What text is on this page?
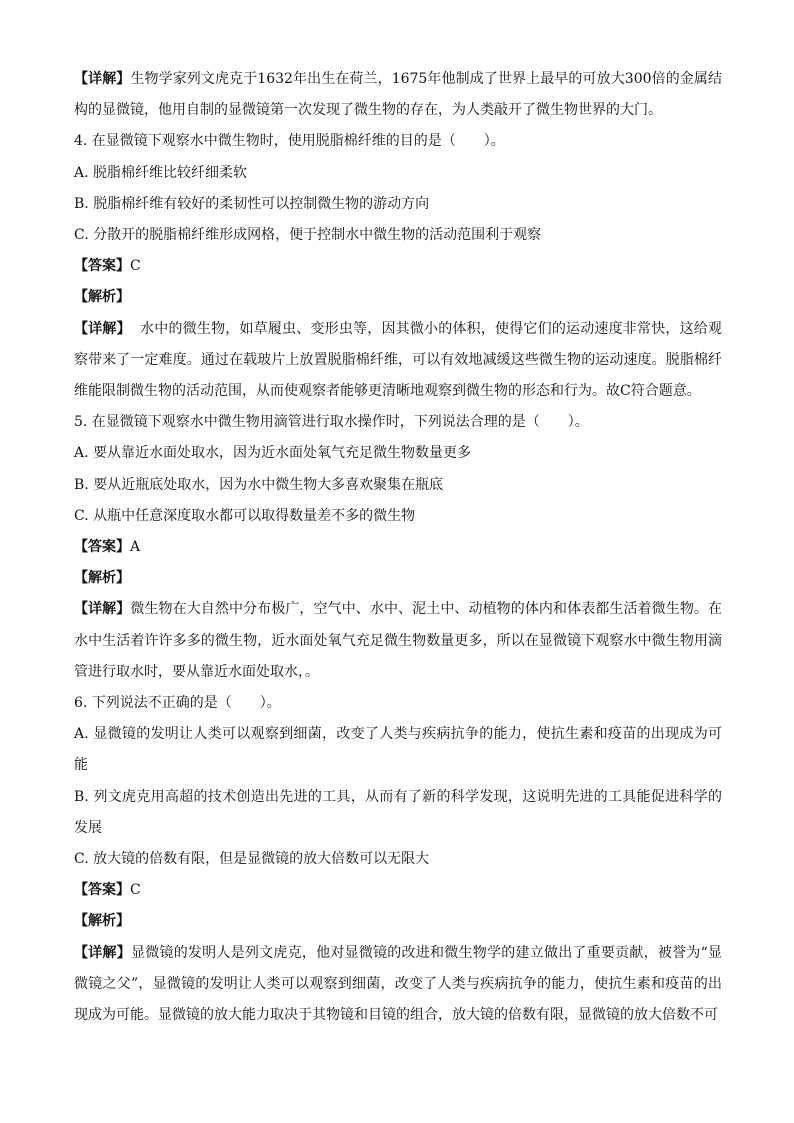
【详解】生物学家列文虎克于1632年出生在荷兰，1675年他制成了世界上最早的可放大300倍的金属结构的显微镜，他用自制的显微镜第一次发现了微生物的存在，为人类敲开了微生物世界的大门。
4. 在显微镜下观察水中微生物时，使用脱脂棉纤维的目的是（　　）。
A. 脱脂棉纤维比较纤细柔软
B. 脱脂棉纤维有较好的柔韧性可以控制微生物的游动方向
C. 分散开的脱脂棉纤维形成网格，便于控制水中微生物的活动范围利于观察
【答案】C
【解析】
【详解】  水中的微生物，如草履虫、变形虫等，因其微小的体积，使得它们的运动速度非常快，这给观察带来了一定难度。通过在载玻片上放置脱脂棉纤维，可以有效地减缓这些微生物的运动速度。脱脂棉纤维能限制微生物的活动范围，从而使观察者能够更清晰地观察到微生物的形态和行为。故C符合题意。
5. 在显微镜下观察水中微生物用滴管进行取水操作时，下列说法合理的是（　　）。
A. 要从靠近水面处取水，因为近水面处氧气充足微生物数量更多
B. 要从近瓶底处取水，因为水中微生物大多喜欢聚集在瓶底
C. 从瓶中任意深度取水都可以取得数量差不多的微生物
【答案】A
【解析】
【详解】微生物在大自然中分布极广，空气中、水中、泥土中、动植物的体内和体表都生活着微生物。在水中生活着许许多多的微生物，近水面处氧气充足微生物数量更多，所以在显微镜下观察水中微生物用滴管进行取水时，要从靠近水面处取水，。
6. 下列说法不正确的是（　　）。
A. 显微镜的发明让人类可以观察到细菌，改变了人类与疾病抗争的能力，使抗生素和疫苗的出现成为可能
B. 列文虎克用高超的技术创造出先进的工具，从而有了新的科学发现，这说明先进的工具能促进科学的发展
C. 放大镜的倍数有限，但是显微镜的放大倍数可以无限大
【答案】C
【解析】
【详解】显微镜的发明人是列文虎克，他对显微镜的改进和微生物学的建立做出了重要贡献，被誉为“显微镜之父”，显微镜的发明让人类可以观察到细菌，改变了人类与疾病抗争的能力，使抗生素和疫苗的出现成为可能。显微镜的放大能力取决于其物镜和目镜的组合，放大镜的倍数有限，显微镜的放大倍数不可
